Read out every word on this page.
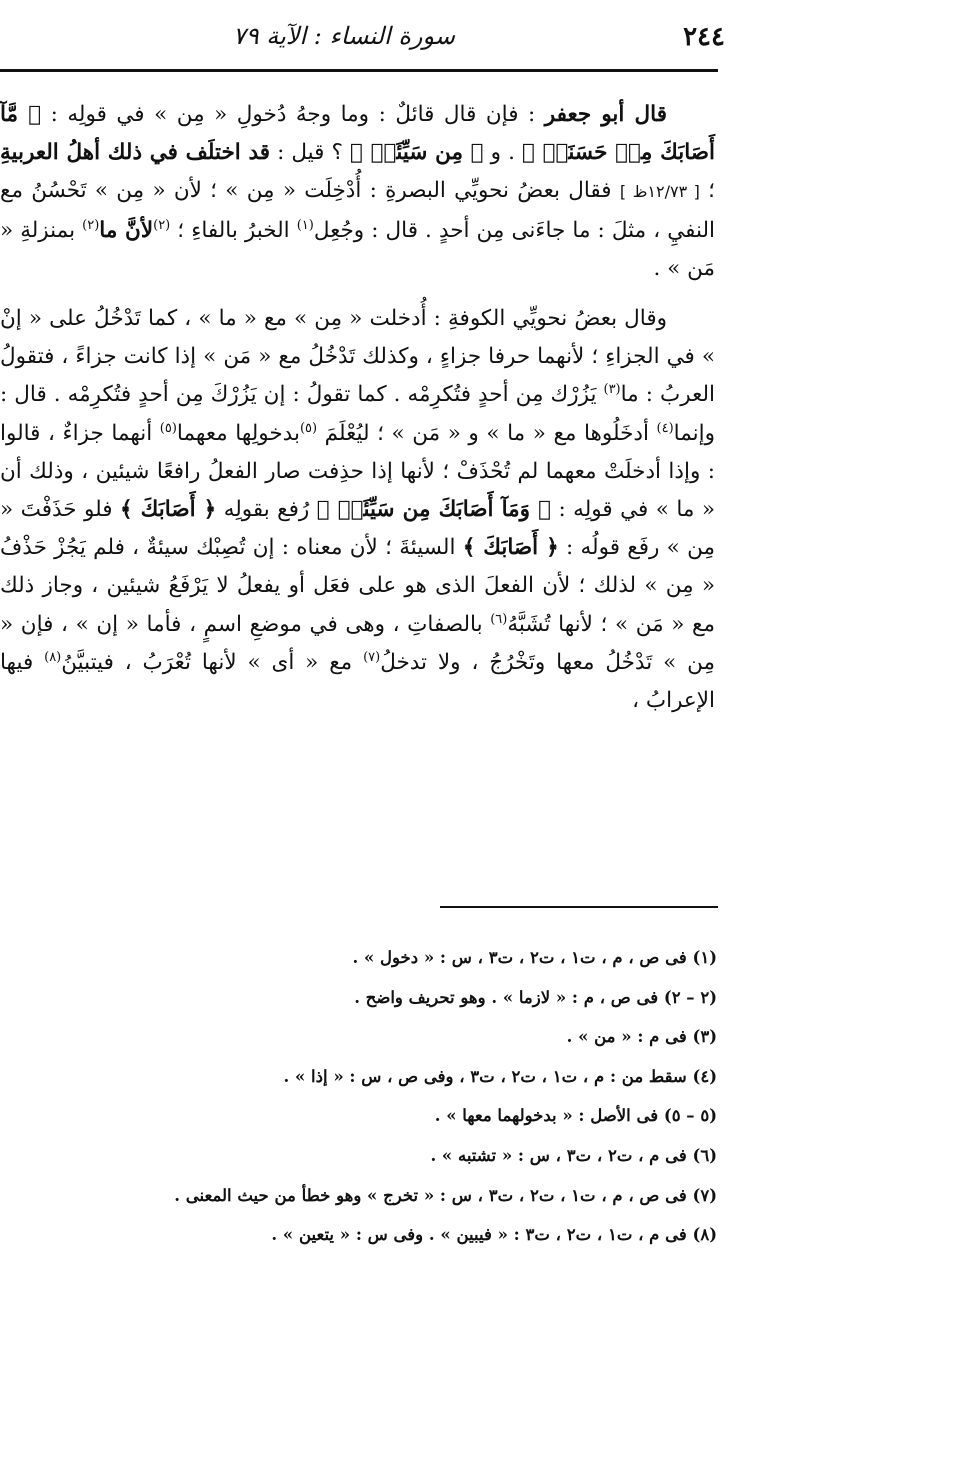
٢٤٤
سورة النساء : الآية ٧٩

قال أبو جعفر : فإن قال قائلٌ : وما وجهُ دُخولِ « مِن » في قولِه : ﴿ مَّآ أَصَابَكَ مِنۡ حَسَنَةٖ ﴾ . و ﴿ مِن سَيِّئَةٖ ﴾ ؟ قيل : قد اختلَف في ذلك أهلُ العربيةِ ؛ [ ١٢/٧٣ظ ] فقال بعضُ نحويِّي البصرةِ : أُدْخِلَت « مِن » ؛ لأن « مِن » تَحْسُنُ مع النفيِ ، مثلَ : ما جاءَنى مِن أحدٍ . قال : وجُعِل$^{(١)}$ الخبرُ بالفاءِ ؛ $^{(٢)}$لأنَّ ما$^{(٢)}$ بمنزلةِ « مَن » .

وقال بعضُ نحويِّي الكوفةِ : أُدخلت « مِن » مع « ما » ، كما تَدْخُلُ على « إنْ » في الجزاءِ ؛ لأنهما حرفا جزاءٍ ، وكذلك تَدْخُلُ مع « مَن » إذا كانت جزاءً ، فتقولُ العربُ : ما$^{(٣)}$ يَزُرْك مِن أحدٍ فتُكرِمْه . كما تقولُ : إن يَزُرْكَ مِن أحدٍ فتُكرِمْه . قال : وإنما$^{(٤)}$ أدخَلُوها مع « ما » و « مَن » ؛ ليُعْلَمَ $^{(٥)}$بدخولِها معهما$^{(٥)}$ أنهما جزاءٌ ، قالوا : وإذا أدخلَتْ معهما لم تُحْذَفْ ؛ لأنها إذا حذِفت صار الفعلُ رافعًا شيئين ، وذلك أن « ما » في قولِه : ﴿ وَمَآ أَصَابَكَ مِن سَيِّئَةٖ ﴾ رُفع بقولِه ﴿ أَصَابَكَ ﴾ فلو حَذَفْتَ « مِن » رفَع قولُه : ﴿ أَصَابَكَ ﴾ السيئةَ ؛ لأن معناه : إن تُصِبْك سيئةٌ ، فلم يَجُزْ حَذْفُ « مِن » لذلك ؛ لأن الفعلَ الذى هو على فعَل أو يفعلُ لا يَرْفَعُ شيئين ، وجاز ذلك مع « مَن » ؛ لأنها تُشَبَّهُ$^{(٦)}$ بالصفاتِ ، وهى في موضعِ اسمٍ ، فأما « إن » ، فإن « مِن » تَدْخُلُ معها وتَخْرُجُ ، ولا تدخلُ$^{(٧)}$ مع « أى » لأنها تُعْرَبُ ، فيتبيَّنُ$^{(٨)}$ فيها الإعرابُ ،

(١) فى ص ، م ، ت١ ، ت٢ ، ت٣ ، س : « دخول » .
(٢ – ٢) فى ص ، م : « لازما » . وهو تحريف واضح .
(٣) فى م : « من » .
(٤) سقط من : م ، ت١ ، ت٢ ، ت٣ ، وفى ص ، س : « إذا » .
(٥ – ٥) فى الأصل : « بدخولهما معها » .
(٦) فى م ، ت٢ ، ت٣ ، س : « تشتبه » .
(٧) فى ص ، م ، ت١ ، ت٢ ، ت٣ ، س : « تخرج » وهو خطأ من حيث المعنى .
(٨) فى م ، ت١ ، ت٢ ، ت٣ : « فيبين » . وفى س : « يتعين » .
